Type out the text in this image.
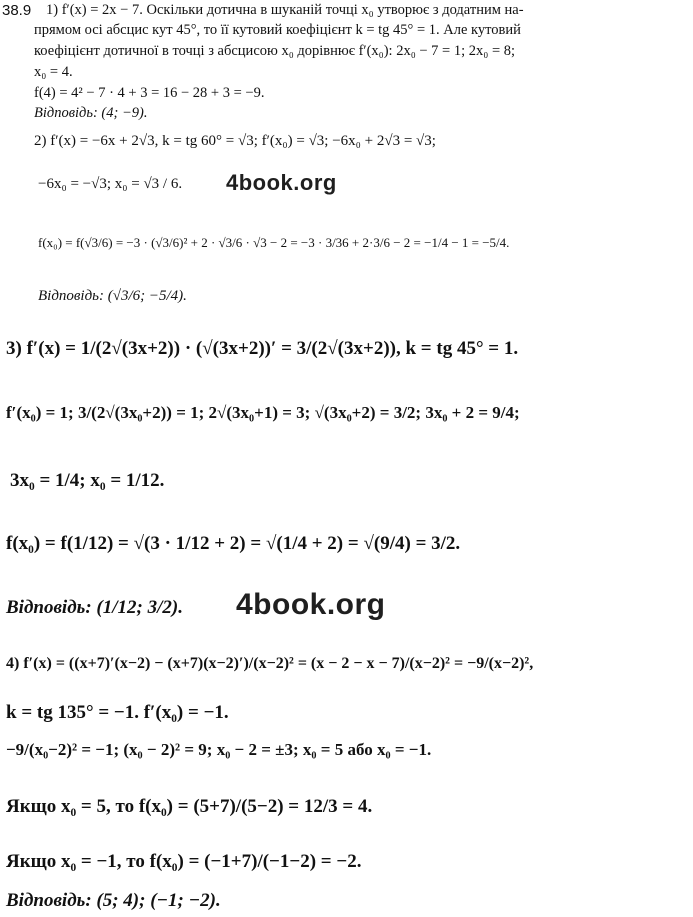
38.9 1) f′(x) = 2x − 7. Оскільки дотична в шуканій точці x₀ утворює з додатним на-
прямом осі абсцис кут 45°, то її кутовий коефіцієнт k = tg 45° = 1. Але кутовий
коефіцієнт дотичної в точці з абсцисою x₀ дорівнює f′(x₀): 2x₀ − 7 = 1; 2x₀ = 8;
x₀ = 4.
f(4) = 4² − 7 · 4 + 3 = 16 − 28 + 3 = −9.
Відповідь: (4; −9).
2) f′(x) = −6x + 2√3, k = tg 60° = √3; f′(x₀) = √3; −6x₀ + 2√3 = √3;
−6x₀ = −√3; x₀ = √3 / 6.
f(x₀) = f(√3/6) = −3 · (√3/6)² + 2 · √3/6 · √3 − 2 = −3 · 3/36 + 2·3/6 − 2 = −1/4 − 1 = −5/4.
Відповідь: (√3/6; −5/4).
3) f′(x) = 1/(2√(3x+2)) · (√(3x+2))′ = 3/(2√(3x+2)), k = tg 45° = 1.
f′(x₀) = 1; 3/(2√(3x₀+2)) = 1; 2√(3x₀+1) = 3; √(3x₀+2) = 3/2; 3x₀ + 2 = 9/4;
3x₀ = 1/4; x₀ = 1/12.
f(x₀) = f(1/12) = √(3 · 1/12 + 2) = √(1/4 + 2) = √(9/4) = 3/2.
Відповідь: (1/12; 3/2).
4) f′(x) = ((x+7)′(x−2) − (x+7)(x−2)′)/(x−2)² = (x − 2 − x − 7)/(x−2)² = −9/(x−2)²,
k = tg 135° = −1. f′(x₀) = −1.
−9/(x₀−2)² = −1; (x₀ − 2)² = 9; x₀ − 2 = ±3; x₀ = 5 або x₀ = −1.
Якщо x₀ = 5, то f(x₀) = (5+7)/(5−2) = 12/3 = 4.
Якщо x₀ = −1, то f(x₀) = (−1+7)/(−1−2) = −2.
Відповідь: (5; 4); (−1; −2).
4book.org
4book.org
